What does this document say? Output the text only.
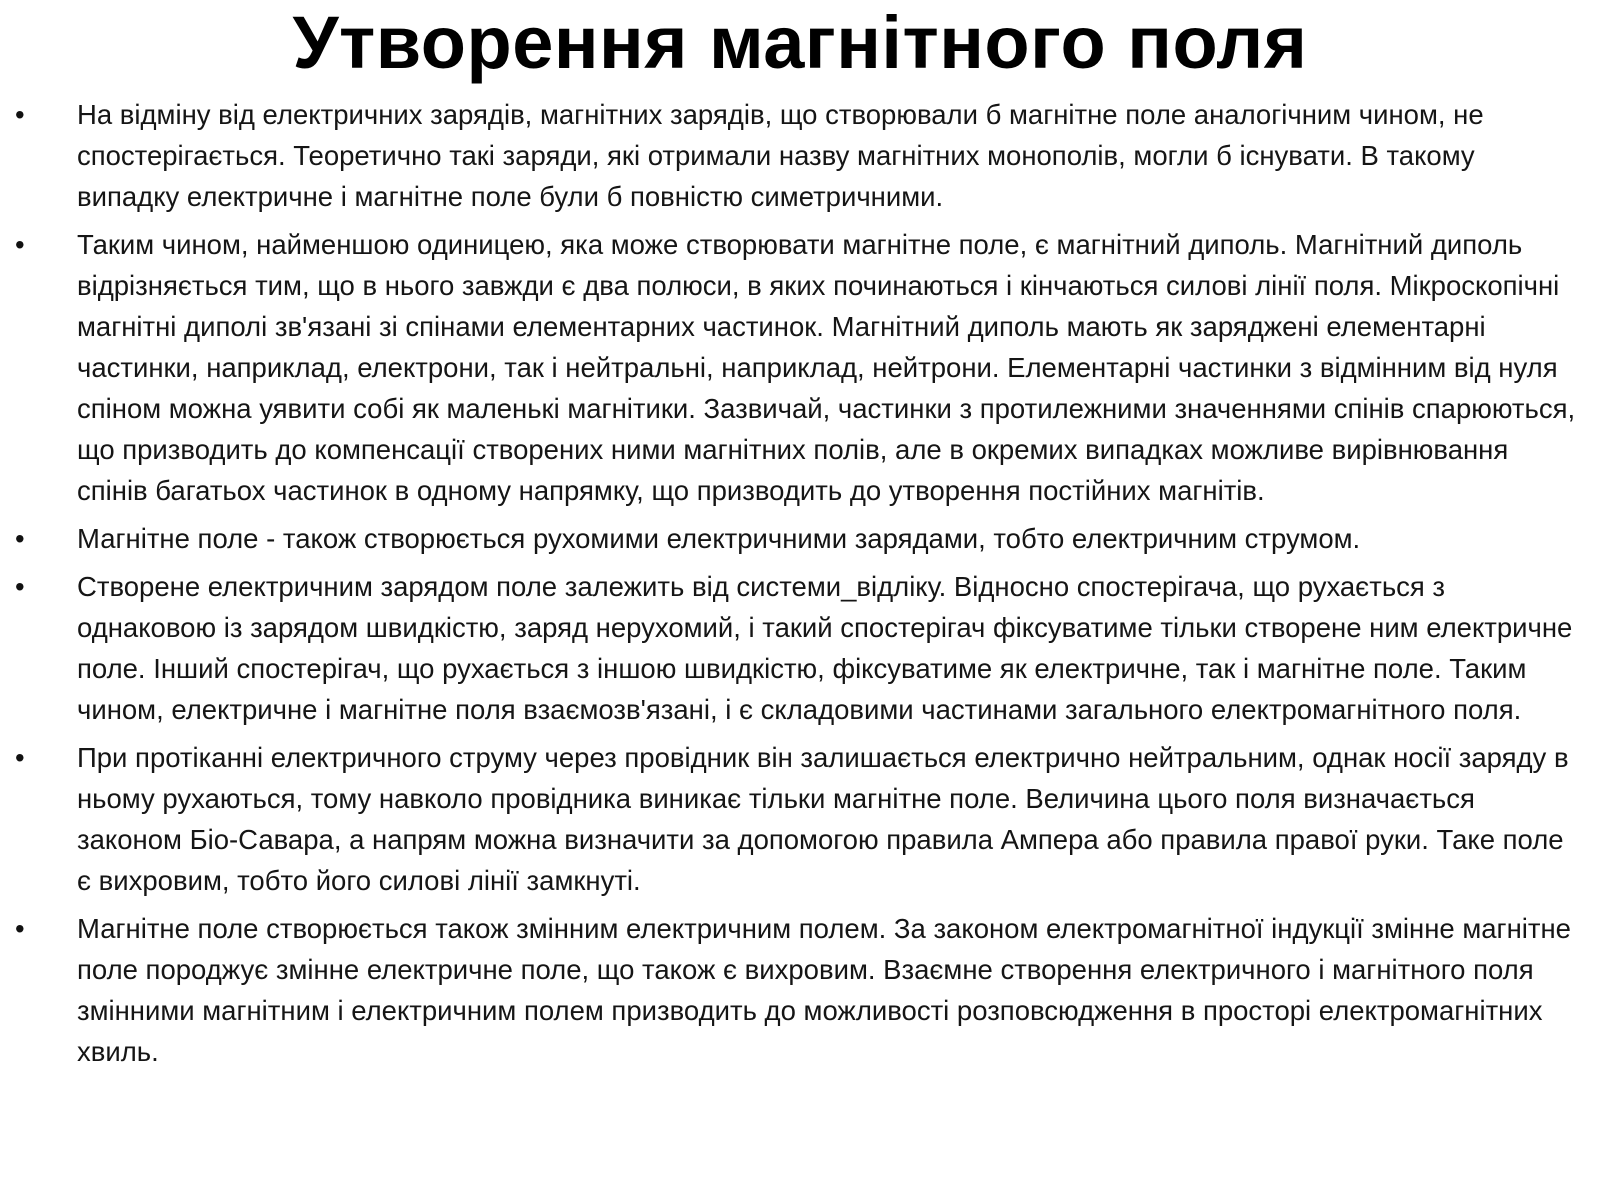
Утворення магнітного поля
•	На відміну від електричних зарядів, магнітних зарядів, що створювали б магнітне поле аналогічним чином, не спостерігається. Теоретично такі заряди, які отримали назву магнітних монополів, могли б існувати. В такому випадку електричне і магнітне поле були б повністю симетричними.
•	Таким чином, найменшою одиницею, яка може створювати магнітне поле, є магнітний диполь. Магнітний диполь відрізняється тим, що в нього завжди є два полюси, в яких починаються і кінчаються силові лінії поля. Мікроскопічні магнітні диполі зв'язані зі спінами елементарних частинок. Магнітний диполь мають як заряджені елементарні частинки, наприклад, електрони, так і нейтральні, наприклад, нейтрони. Елементарні частинки з відмінним від нуля спіном можна уявити собі як маленькі магнітики. Зазвичай, частинки з протилежними значеннями спінів спарюються, що призводить до компенсації створених ними магнітних полів, але в окремих випадках можливе вирівнювання спінів багатьох частинок в одному напрямку, що призводить до утворення постійних магнітів.
•	Магнітне поле - також створюється рухомими електричними зарядами, тобто електричним струмом.
•	Створене електричним зарядом поле залежить від системи_відліку. Відносно спостерігача, що рухається з однаковою із зарядом швидкістю, заряд нерухомий, і такий спостерігач фіксуватиме тільки створене ним електричне поле. Інший спостерігач, що рухається з іншою швидкістю, фіксуватиме як електричне, так і магнітне поле. Таким чином, електричне і магнітне поля взаємозв'язані, і є складовими частинами загального електромагнітного поля.
•	При протіканні електричного струму через провідник він залишається електрично нейтральним, однак носії заряду в ньому рухаються, тому навколо провідника виникає тільки магнітне поле. Величина цього поля визначається законом Біо-Савара, а напрям можна визначити за допомогою правила Ампера або правила правої руки. Таке поле є вихровим, тобто його силові лінії замкнуті.
•	Магнітне поле створюється також змінним електричним полем. За законом електромагнітної індукції змінне магнітне поле породжує змінне електричне поле, що також є вихровим. Взаємне створення електричного і магнітного поля змінними магнітним і електричним полем призводить до можливості розповсюдження в просторі електромагнітних хвиль.
